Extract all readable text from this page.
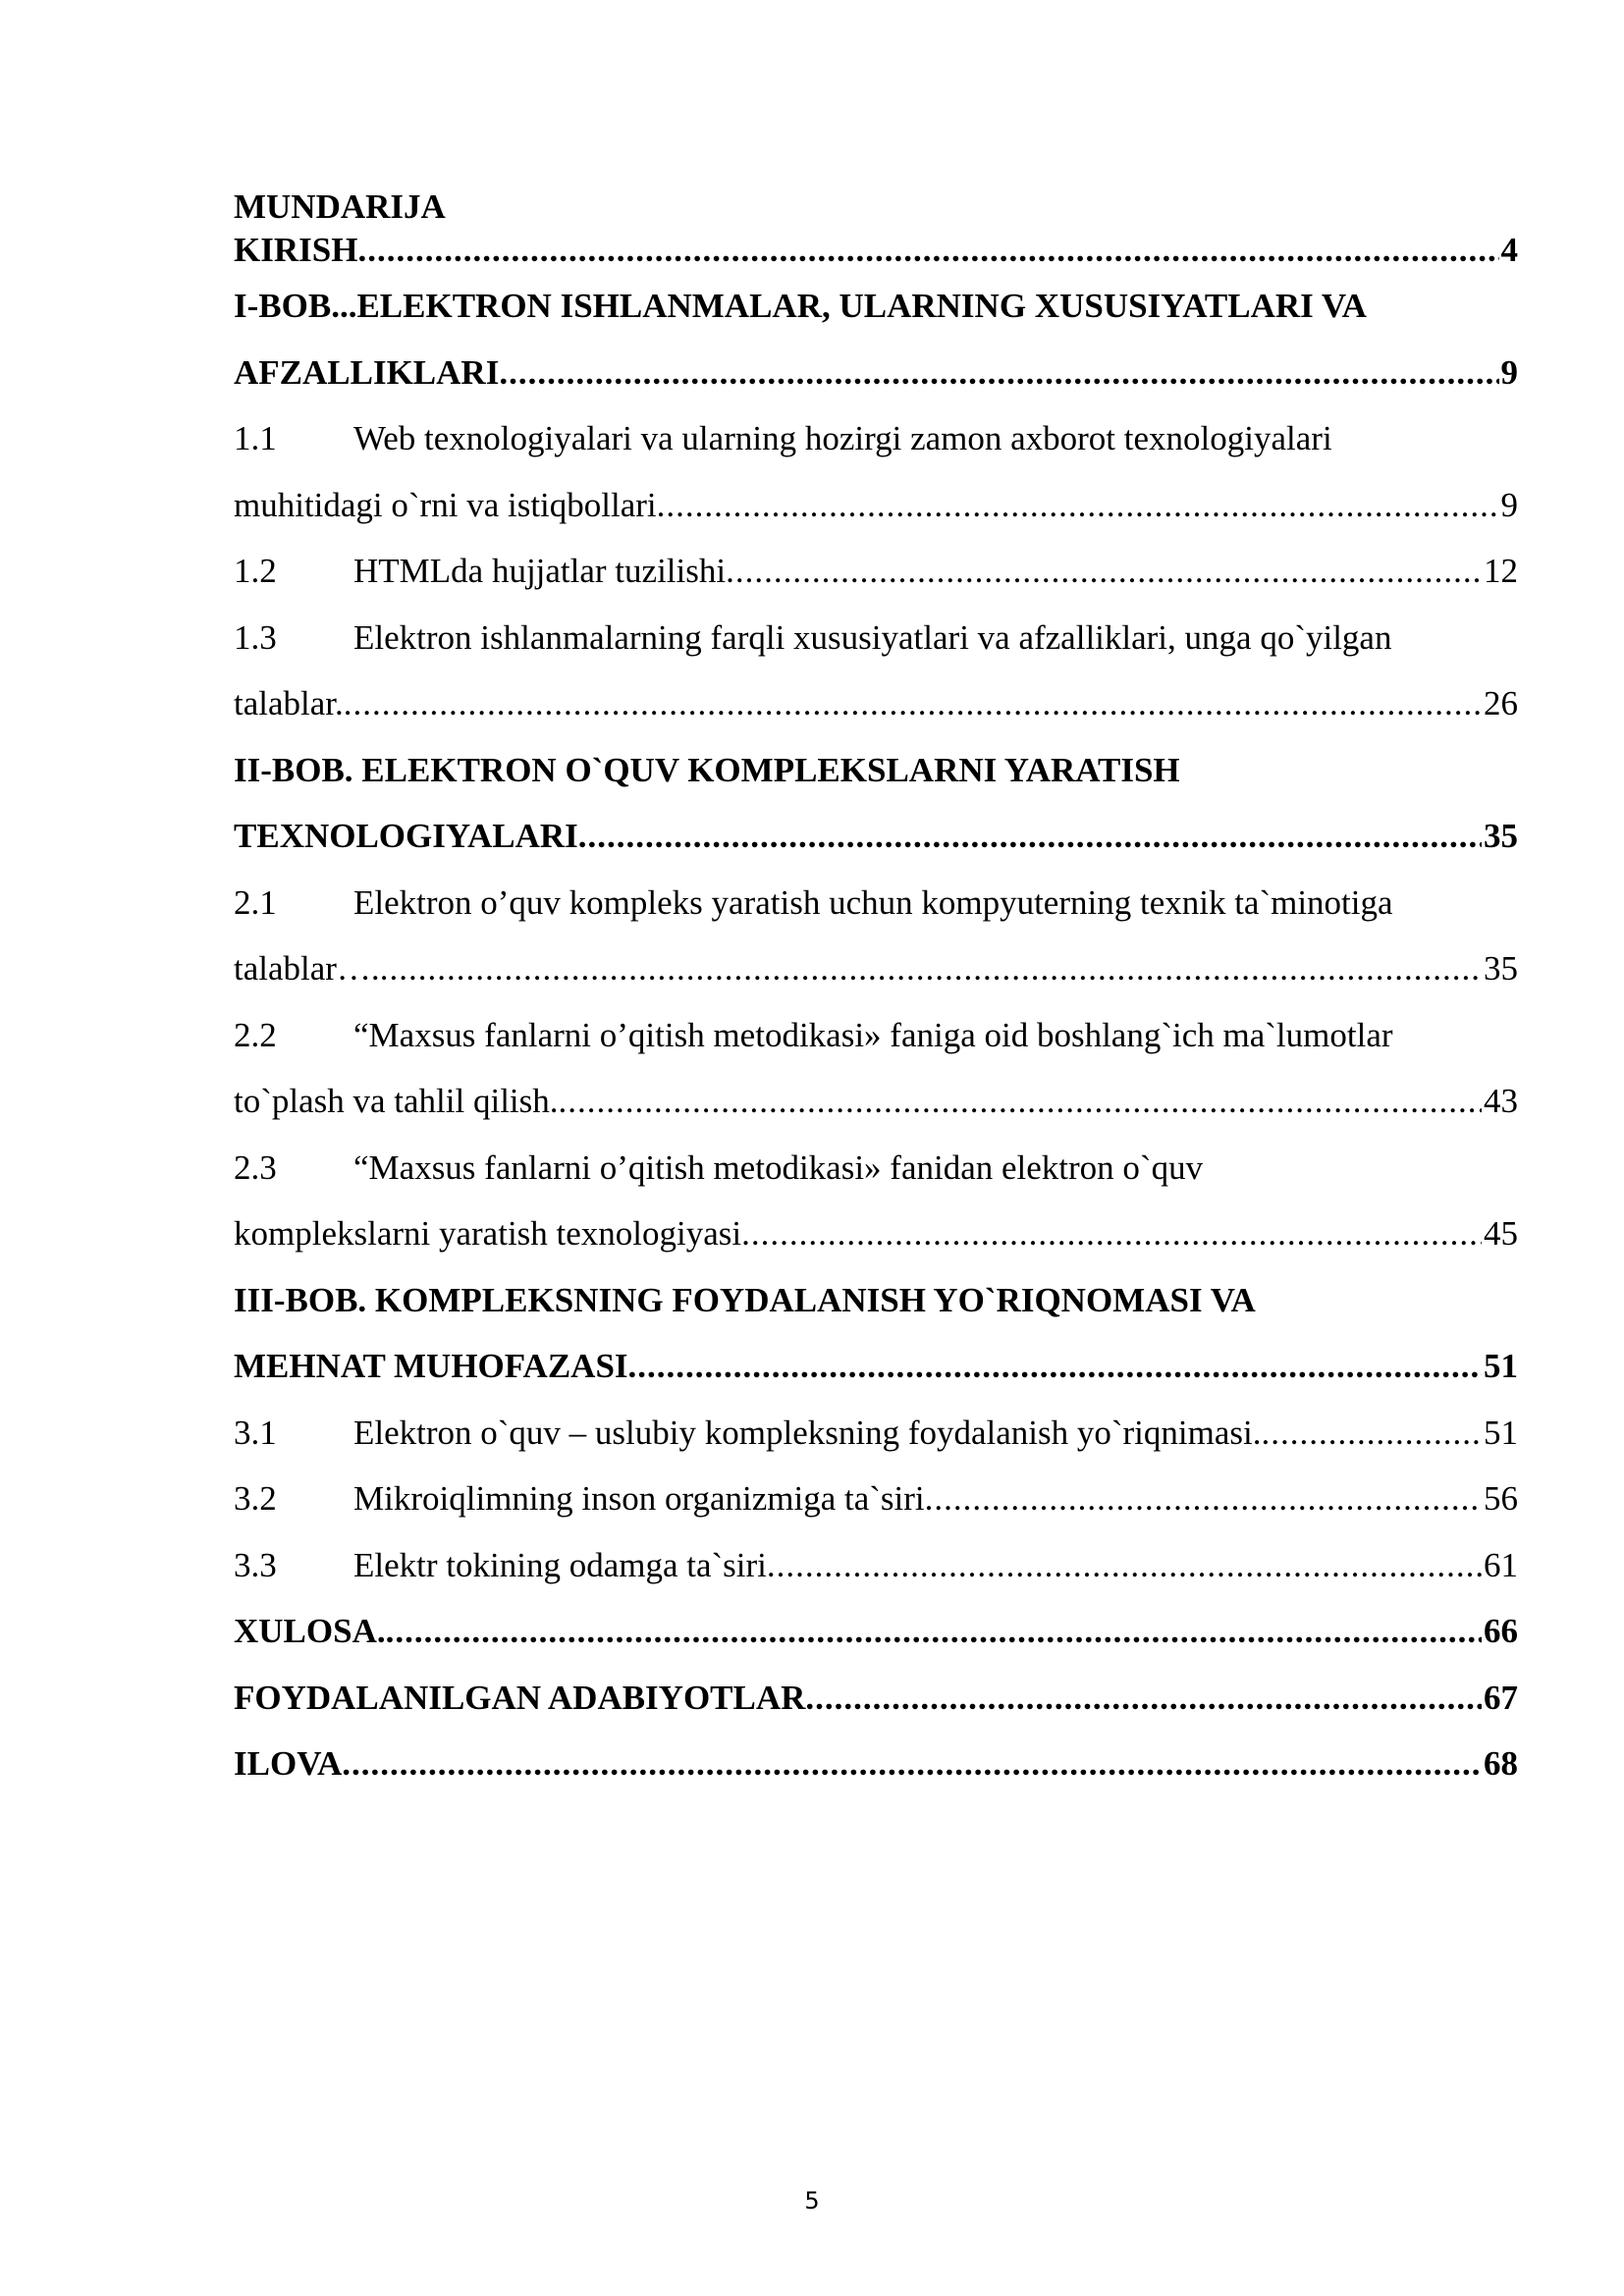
MUNDARIJA
KIRISH .....	4
I-BOB...ELEKTRON ISHLANMALAR, ULARNING XUSUSIYATLARI VA
AFZALLIKLARI .....	9
1.1	Web texnologiyalari va ularning hozirgi zamon axborot texnologiyalari
muhitidagi o`rni va istiqbollari .....	9
1.2	HTMLda hujjatlar tuzilishi .....	12
1.3	Elektron ishlanmalarning farqli xususiyatlari va afzalliklari, unga qo`yilgan
talablar. .....	26
II-BOB. ELEKTRON O`QUV KOMPLEKSLARNI YARATISH
TEXNOLOGIYALARI .....	35
2.1	Elektron o’quv kompleks yaratish uchun kompyuterning texnik ta`minotiga
talablar…. .....	35
2.2	“Maxsus fanlarni o’qitish metodikasi» faniga oid boshlang`ich ma`lumotlar
to`plash va tahlil qilish. .....	43
2.3	“Maxsus fanlarni o’qitish metodikasi» fanidan elektron o`quv
komplekslarni yaratish texnologiyasi .....	45
III-BOB. KOMPLEKSNING FOYDALANISH YO`RIQNOMASI VA
MEHNAT MUHOFAZASI .....	51
3.1	Elektron o`quv – uslubiy kompleksning foydalanish yo`riqnimasi. .....	51
3.2	Mikroiqlimning inson organizmiga ta`siri .....	56
3.3	Elektr tokining odamga ta`siri .....	61
XULOSA. .....	66
FOYDALANILGAN ADABIYOTLAR .....	67
ILOVA .....	68
5
